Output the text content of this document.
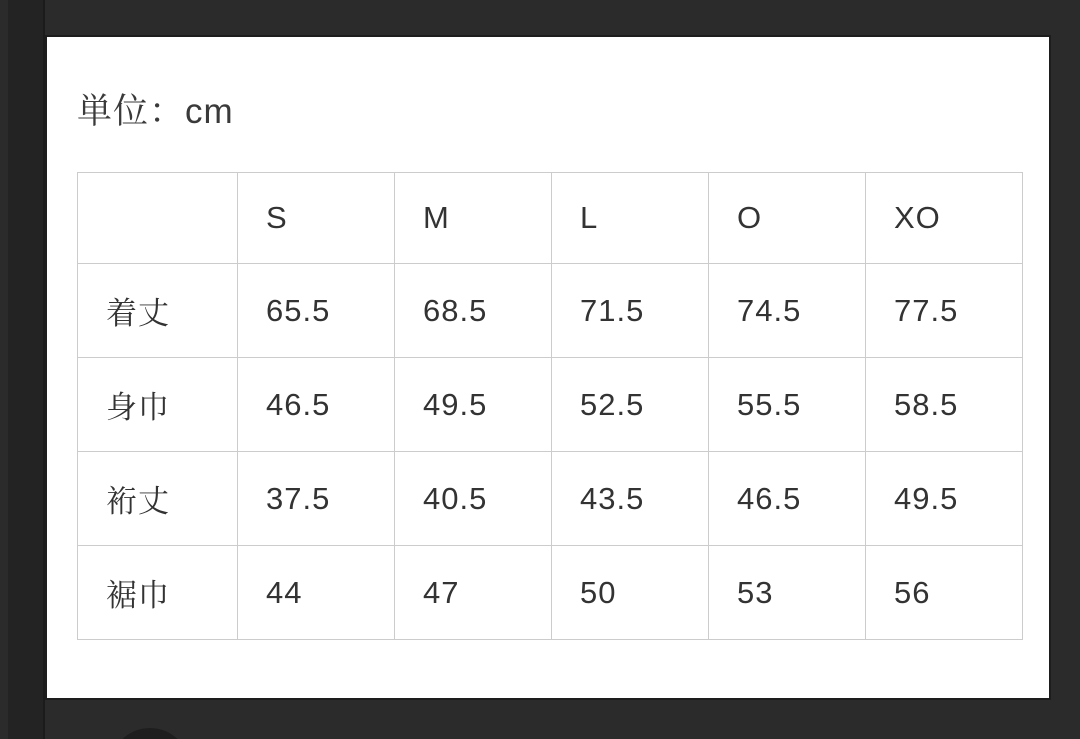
単位：cm
	S	M	L	O	XO
着丈	65.5	68.5	71.5	74.5	77.5
身巾	46.5	49.5	52.5	55.5	58.5
裄丈	37.5	40.5	43.5	46.5	49.5
裾巾	44	47	50	53	56
